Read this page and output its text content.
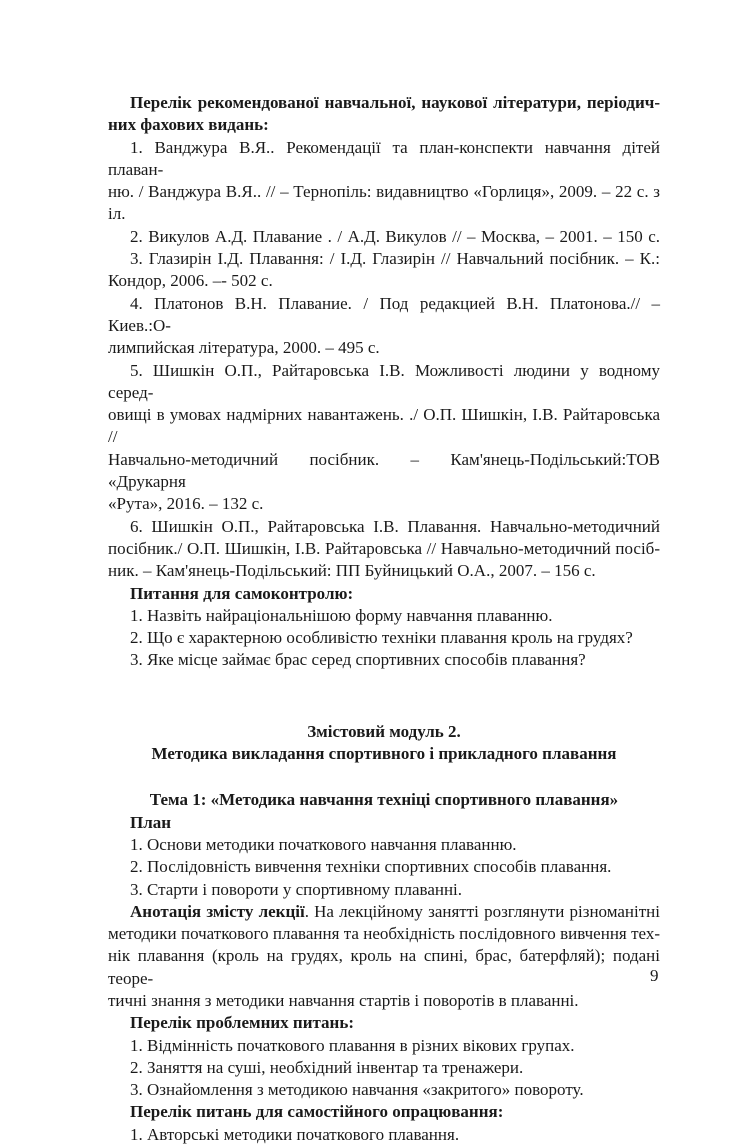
Перелік рекомендованої навчальної, наукової літератури, періодич-

них фахових видань:

1. Ванджура В.Я.. Рекомендації та план-конспекти навчання дітей плаван-

ню. / Ванджура В.Я.. // – Тернопіль: видавництво «Горлиця», 2009. – 22 с. з іл.

2. Викулов А.Д. Плавание . / А.Д. Викулов // – Москва, – 2001. – 150 с.

3. Глазирін І.Д. Плавання: / І.Д. Глазирін // Навчальний посібник. – К.:

Кондор, 2006. –- 502 с.

4. Платонов В.Н. Плавание. / Под редакцией В.Н. Платонова.// – Киев.:О-

лимпийская література, 2000. – 495 с.

5. Шишкін О.П., Райтаровська І.В. Можливості людини у водному серед-

овищі в умовах надмірних навантажень. ./ О.П. Шишкін, І.В. Райтаровська //

Навчально-методичний посібник. – Кам'янець-Подільський:ТОВ «Друкарня

«Рута», 2016. – 132 с.

6. Шишкін О.П., Райтаровська І.В. Плавання. Навчально-методичний

посібник./ О.П. Шишкін, І.В. Райтаровська // Навчально-методичний посіб-

ник. – Кам'янець-Подільський: ПП Буйницький О.А., 2007. – 156 с.

Питання для самоконтролю:

1. Назвіть найраціональнішою форму навчання плаванню.

2. Що є характерною особливістю техніки плавання кроль на грудях?

3. Яке місце займає брас серед спортивних способів плавання?

Змістовий модуль 2.

Методика викладання спортивного і прикладного плавання

Тема 1: «Методика навчання техніці спортивного плавання»

План

1. Основи методики початкового навчання плаванню.

2. Послідовність вивчення техніки спортивних способів плавання.

3. Старти і повороти у спортивному плаванні.

Анотація змісту лекції. На лекційному занятті розглянути різноманітні

методики початкового плавання та необхідність послідовного вивчення тех-

нік плавання (кроль на грудях, кроль на спині, брас, батерфляй); подані теоре-

тичні знання з методики навчання стартів і поворотів в плаванні.

Перелік проблемних питань:

1. Відмінність початкового плавання в різних вікових групах.

2. Заняття на суші, необхідний інвентар та тренажери.

3. Ознайомлення з методикою навчання «закритого» повороту.

Перелік питань для самостійного опрацювання:

1. Авторські методики початкового плавання.

9
